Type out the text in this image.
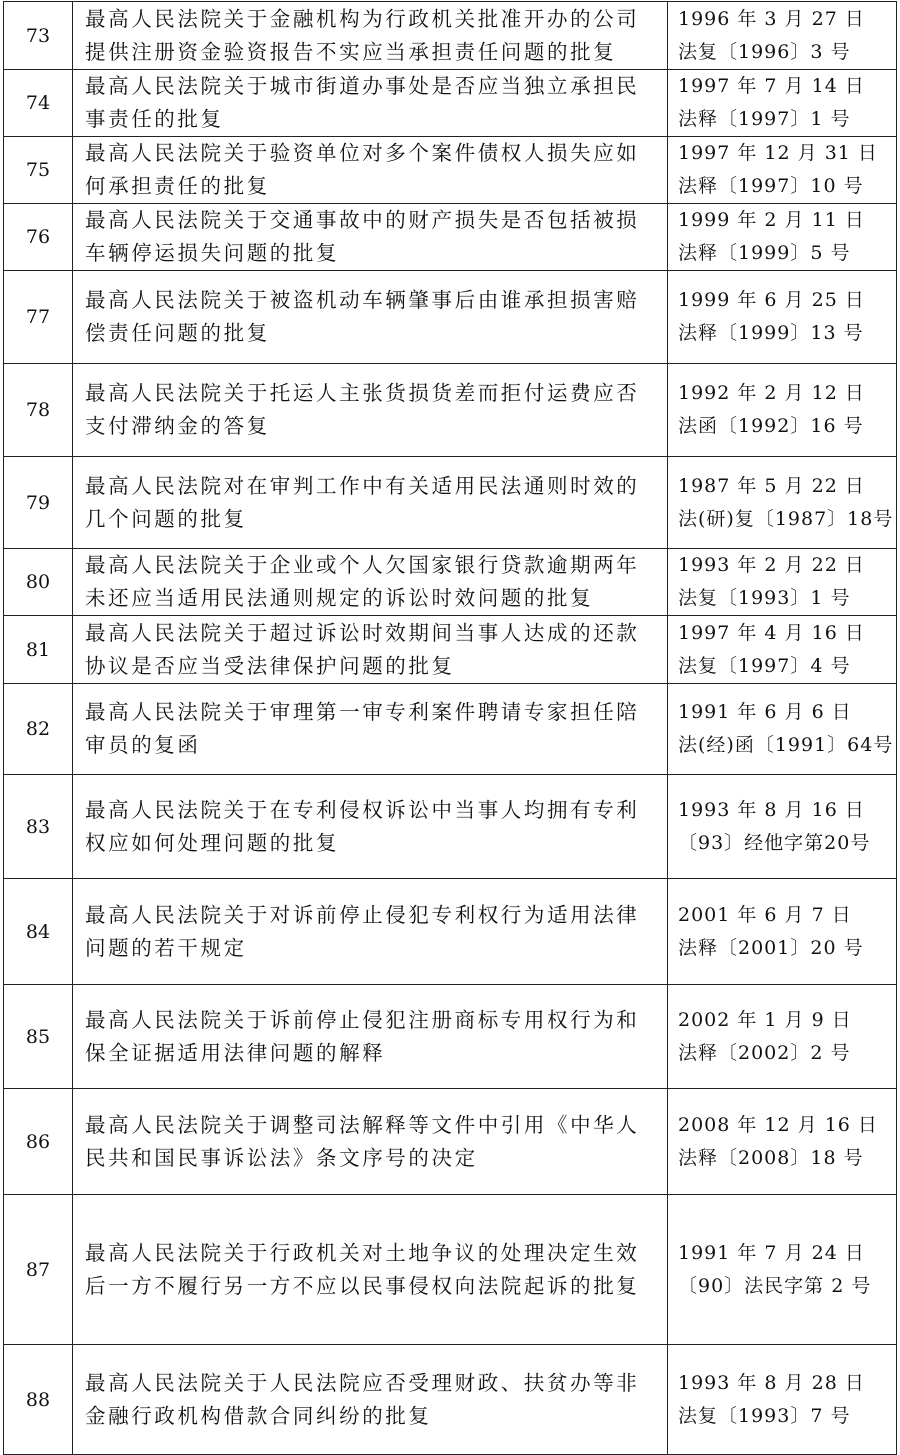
73	最高人民法院关于金融机构为行政机关批准开办的公司提供注册资金验资报告不实应当承担责任问题的批复	1996 年 3 月 27 日
法复〔1996〕3 号

74	最高人民法院关于城市街道办事处是否应当独立承担民事责任的批复	1997 年 7 月 14 日
法释〔1997〕1 号

75	最高人民法院关于验资单位对多个案件债权人损失应如何承担责任的批复	1997 年 12 月 31 日
法释〔1997〕10 号

76	最高人民法院关于交通事故中的财产损失是否包括被损车辆停运损失问题的批复	1999 年 2 月 11 日
法释〔1999〕5 号

77	最高人民法院关于被盗机动车辆肇事后由谁承担损害赔偿责任问题的批复	1999 年 6 月 25 日
法释〔1999〕13 号

78	最高人民法院关于托运人主张货损货差而拒付运费应否支付滞纳金的答复	1992 年 2 月 12 日
法函〔1992〕16 号

79	最高人民法院对在审判工作中有关适用民法通则时效的几个问题的批复	1987 年 5 月 22 日
法(研)复〔1987〕18号

80	最高人民法院关于企业或个人欠国家银行贷款逾期两年未还应当适用民法通则规定的诉讼时效问题的批复	1993 年 2 月 22 日
法复〔1993〕1 号

81	最高人民法院关于超过诉讼时效期间当事人达成的还款协议是否应当受法律保护问题的批复	1997 年 4 月 16 日
法复〔1997〕4 号

82	最高人民法院关于审理第一审专利案件聘请专家担任陪审员的复函	1991 年 6 月 6 日
法(经)函〔1991〕64号

83	最高人民法院关于在专利侵权诉讼中当事人均拥有专利权应如何处理问题的批复	1993 年 8 月 16 日
〔93〕经他字第20号

84	最高人民法院关于对诉前停止侵犯专利权行为适用法律问题的若干规定	2001 年 6 月 7 日
法释〔2001〕20 号

85	最高人民法院关于诉前停止侵犯注册商标专用权行为和保全证据适用法律问题的解释	2002 年 1 月 9 日
法释〔2002〕2 号

86	最高人民法院关于调整司法解释等文件中引用《中华人民共和国民事诉讼法》条文序号的决定	2008 年 12 月 16 日
法释〔2008〕18 号

87	最高人民法院关于行政机关对土地争议的处理决定生效后一方不履行另一方不应以民事侵权向法院起诉的批复	1991 年 7 月 24 日
〔90〕法民字第 2 号

88	最高人民法院关于人民法院应否受理财政、扶贫办等非金融行政机构借款合同纠纷的批复	1993 年 8 月 28 日
法复〔1993〕7 号
